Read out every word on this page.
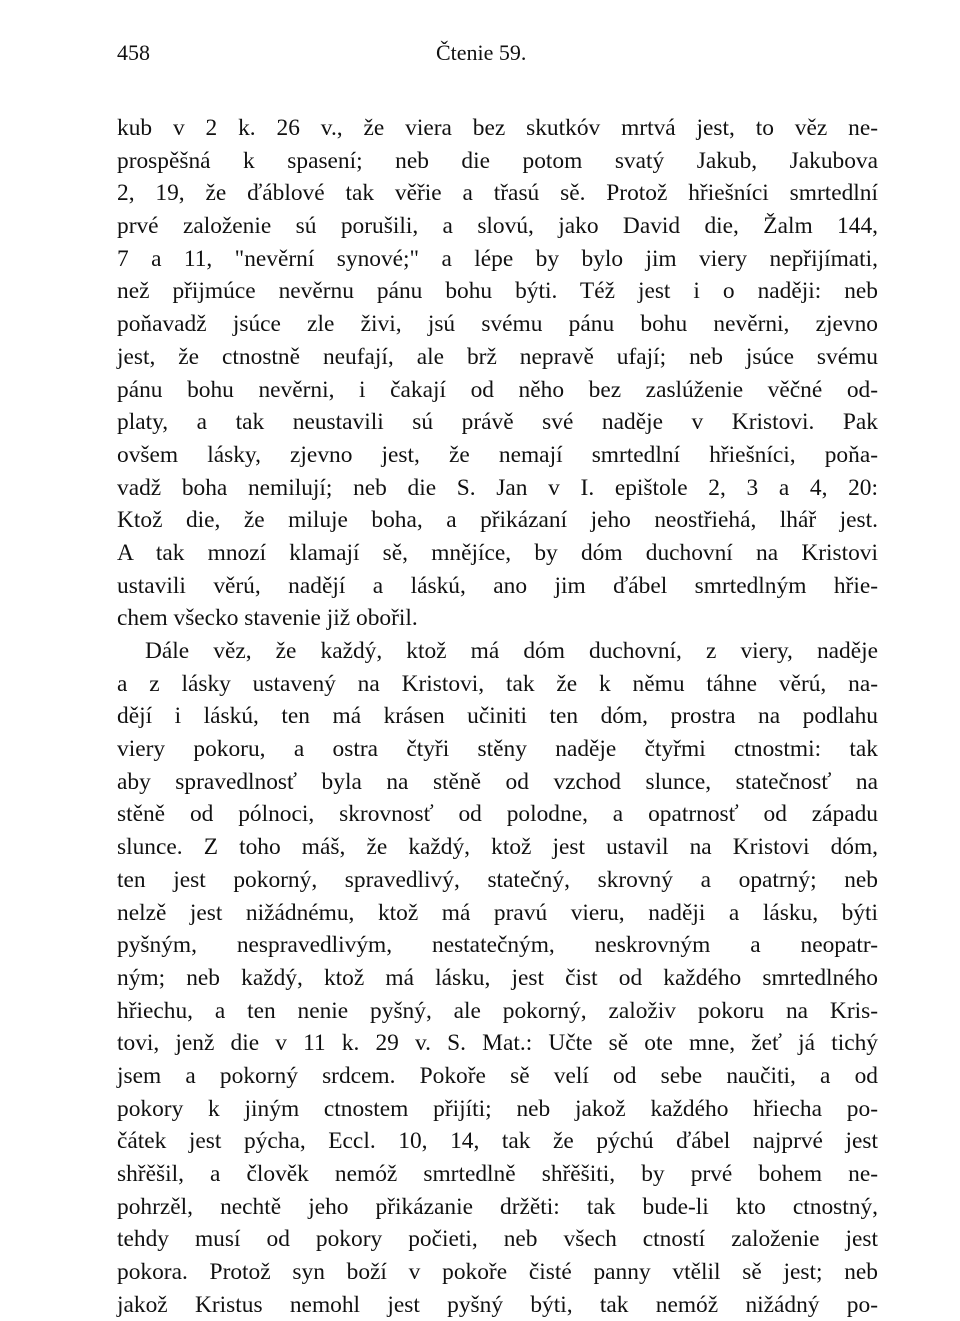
458	Čtenie 59.
kub v 2 k. 26 v., že viera bez skutkóv mrtvá jest, to věz ne-
prospěšná k spasení; neb die potom svatý Jakub, Jakubova
2, 19, že ďáblové tak věřie a třasú sě. Protož hřiešníci smrtedlní
prvé založenie sú porušili, a slovú, jako David die, Žalm 144,
7 a 11, "nevěrní synové;" a lépe by bylo jim viery nepřijímati,
než přijmúce nevěrnu pánu bohu býti. Též jest i o naději: neb
poňavadž jsúce zle živi, jsú svému pánu bohu nevěrni, zjevno
jest, že ctnostně neufají, ale brž nepravě ufají; neb jsúce svému
pánu bohu nevěrni, i čakají od něho bez zaslúženie věčné od-
platy, a tak neustavili sú právě své naděje v Kristovi. Pak
ovšem lásky, zjevno jest, že nemají smrtedlní hřiešníci, poňa-
vadž boha nemilují; neb die S. Jan v I. epištole 2, 3 a 4, 20:
Ktož die, že miluje boha, a přikázaní jeho neostřiehá, lhář jest.
A tak mnozí klamají sě, mnějíce, by dóm duchovní na Kristovi
ustavili věrú, nadějí a láskú, ano jim ďábel smrtedlným hřie-
chem všecko stavenie již obořil.
Dále věz, že každý, ktož má dóm duchovní, z viery, naděje
a z lásky ustavený na Kristovi, tak že k němu táhne věrú, na-
dějí i láskú, ten má krásen učiniti ten dóm, prostra na podlahu
viery pokoru, a ostra čtyři stěny naděje čtyřmi ctnostmi: tak
aby spravedlnosť byla na stěně od vzchod slunce, statečnosť na
stěně od pólnoci, skrovnosť od polodne, a opatrnosť od západu
slunce. Z toho máš, že každý, ktož jest ustavil na Kristovi dóm,
ten jest pokorný, spravedlivý, statečný, skrovný a opatrný; neb
nelzě jest nižádnému, ktož má pravú vieru, naději a lásku, býti
pyšným, nespravedlivým, nestatečným, neskrovným a neopatr-
ným; neb každý, ktož má lásku, jest čist od každého smrtedlného
hřiechu, a ten nenie pyšný, ale pokorný, založiv pokoru na Kris-
tovi, jenž die v 11 k. 29 v. S. Mat.: Učte sě ote mne, žeť já tichý
jsem a pokorný srdcem. Pokoře sě velí od sebe naučiti, a od
pokory k jiným ctnostem přijíti; neb jakož každého hřiecha po-
čátek jest pýcha, Eccl. 10, 14, tak že pýchú ďábel najprvé jest
shřěšil, a člověk nemóž smrtedlně shřěšiti, by prvé bohem ne-
pohrzěl, nechtě jeho přikázanie držěti: tak bude-li kto ctnostný,
tehdy musí od pokory počieti, neb všech ctností založenie jest
pokora. Protož syn boží v pokoře čisté panny vtělil sě jest; neb
jakož Kristus nemohl jest pyšný býti, tak nemóž nižádný po-
